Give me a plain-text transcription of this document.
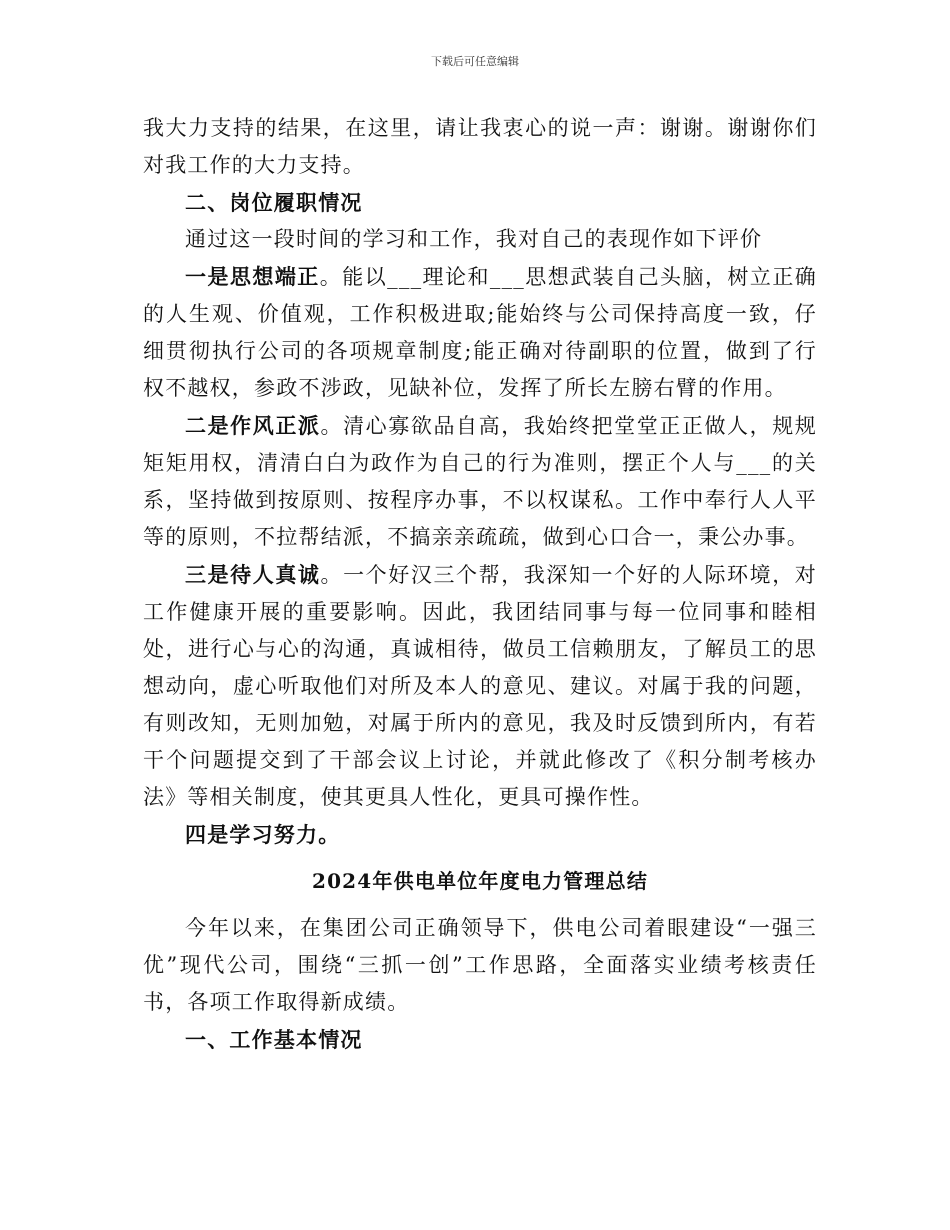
下载后可任意编辑

我大力支持的结果，在这里，请让我衷心的说一声：谢谢。谢谢你们对我工作的大力支持。

二、岗位履职情况

通过这一段时间的学习和工作，我对自己的表现作如下评价

一是思想端正。能以___理论和___思想武装自己头脑，树立正确的人生观、价值观，工作积极进取;能始终与公司保持高度一致，仔细贯彻执行公司的各项规章制度;能正确对待副职的位置，做到了行权不越权，参政不涉政，见缺补位，发挥了所长左膀右臂的作用。

二是作风正派。清心寡欲品自高，我始终把堂堂正正做人，规规矩矩用权，清清白白为政作为自己的行为准则，摆正个人与___的关系，坚持做到按原则、按程序办事，不以权谋私。工作中奉行人人平等的原则，不拉帮结派，不搞亲亲疏疏，做到心口合一，秉公办事。

三是待人真诚。一个好汉三个帮，我深知一个好的人际环境，对工作健康开展的重要影响。因此，我团结同事与每一位同事和睦相处，进行心与心的沟通，真诚相待，做员工信赖朋友，了解员工的思想动向，虚心听取他们对所及本人的意见、建议。对属于我的问题，有则改知，无则加勉，对属于所内的意见，我及时反馈到所内，有若干个问题提交到了干部会议上讨论，并就此修改了《积分制考核办法》等相关制度，使其更具人性化，更具可操作性。

四是学习努力。

2024年供电单位年度电力管理总结

今年以来，在集团公司正确领导下，供电公司着眼建设“一强三优”现代公司，围绕“三抓一创”工作思路，全面落实业绩考核责任书，各项工作取得新成绩。

一、工作基本情况
